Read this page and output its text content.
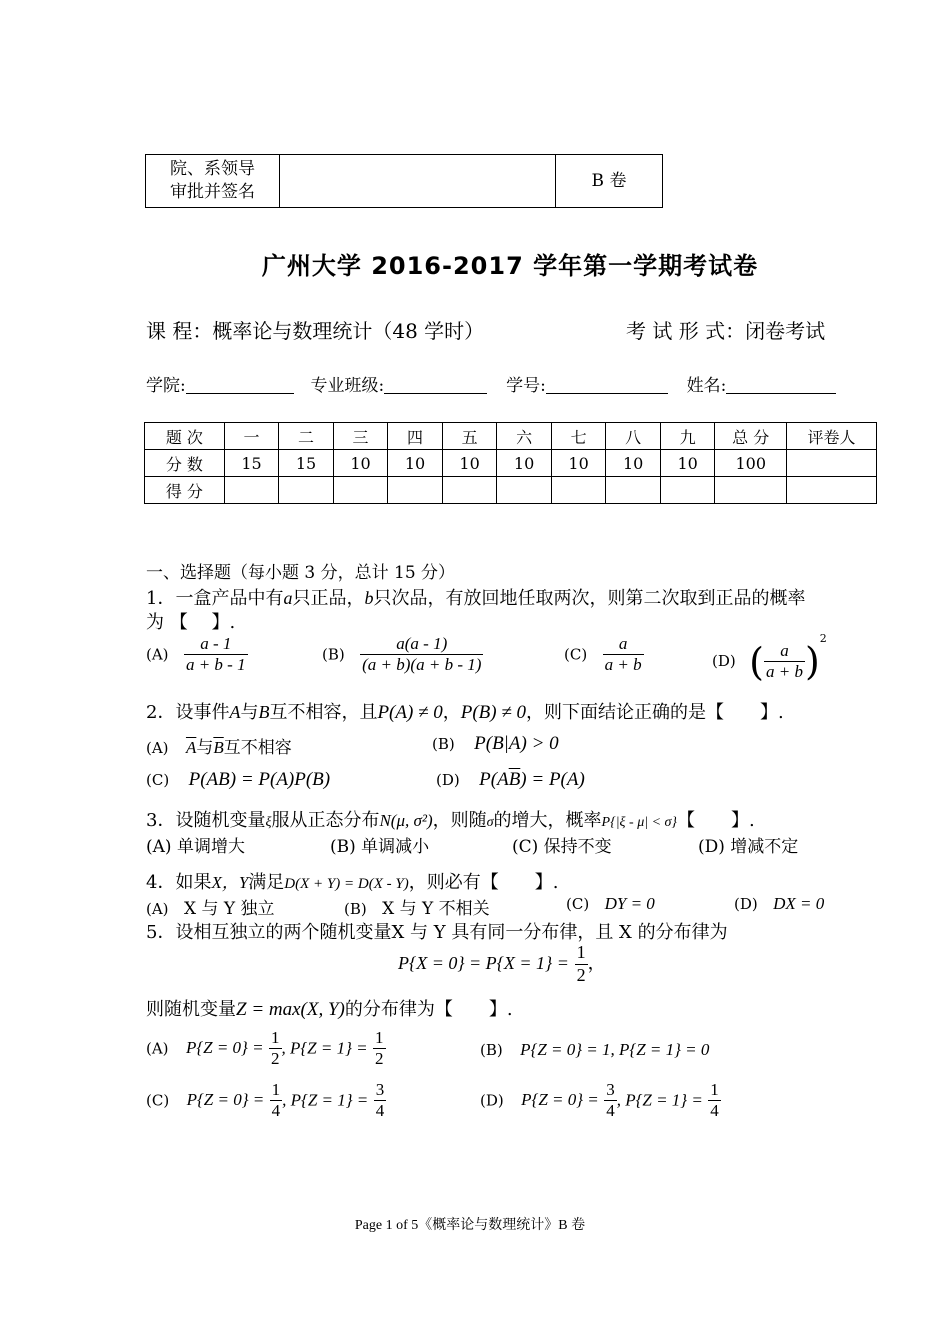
院、系领导
审批并签名
		B 卷
广州大学 2016-2017 学年第一学期考试卷
课 程：概率论与数理统计（48 学时）	考 试 形 式：闭卷考试
学院:	专业班级:	学号:	姓名:
题 次	一	二	三	四	五	六	七	八	九	总 分	评卷人
分 数	15	15	10	10	10	10	10	10	10	100	
得 分											
一、选择题（每小题 3 分，总计 15 分）
1．一盒产品中有a只正品，b只次品，有放回地任取两次，则第二次取到正品的概率
为 【　 】.
$(A) \frac{a - 1}{a + b - 1}$	$(B) \frac{a(a - 1)}{(a + b)(a + b - 1)}$	$(C) \frac{a}{a + b}$	(D) ( $\frac{a}{a + b} )^2$
2．设事件A与B互不相容，且P(A) ≠ 0，P(B) ≠ 0，则下面结论正确的是【　　】.
(A) $\overline{A}$与$\overline{B}$互不相容	(B) P(B|A) > 0
(C) P(AB) = P(A)P(B)	(D) $P(A\overline{B}) = P(A)$
3．设随机变量ξ服从正态分布N(μ, σ²)，则随σ的增大，概率P{|ξ - μ| < σ}【　　】.
(A) 单调增大	(B) 单调减小	(C) 保持不变	(D) 增减不定
4．如果X，Y满足D(X + Y) = D(X - Y)，则必有【　　】.
(A) X 与 Y 独立	(B) X 与 Y 不相关	(C) DY = 0	(D) DX = 0
5．设相互独立的两个随机变量X 与 Y 具有同一分布律，且 X 的分布律为
$P\{X = 0\} = P\{X = 1\} = \frac{1}{2}$ ，
则随机变量Z = max(X, Y)的分布律为【　　】.
(A) $P\{Z = 0\} = \frac{1}{2}$ , $P\{Z = 1\} = \frac{1}{2}$	(B) P{Z = 0} = 1, P{Z = 1} = 0
(C) $P\{Z = 0\} = \frac{1}{4}$ , $P\{Z = 1\} = \frac{3}{4}$	(D) $P\{Z = 0\} = \frac{3}{4}$ , $P\{Z = 1\} = \frac{1}{4}$
Page 1 of 5《概率论与数理统计》B 卷
